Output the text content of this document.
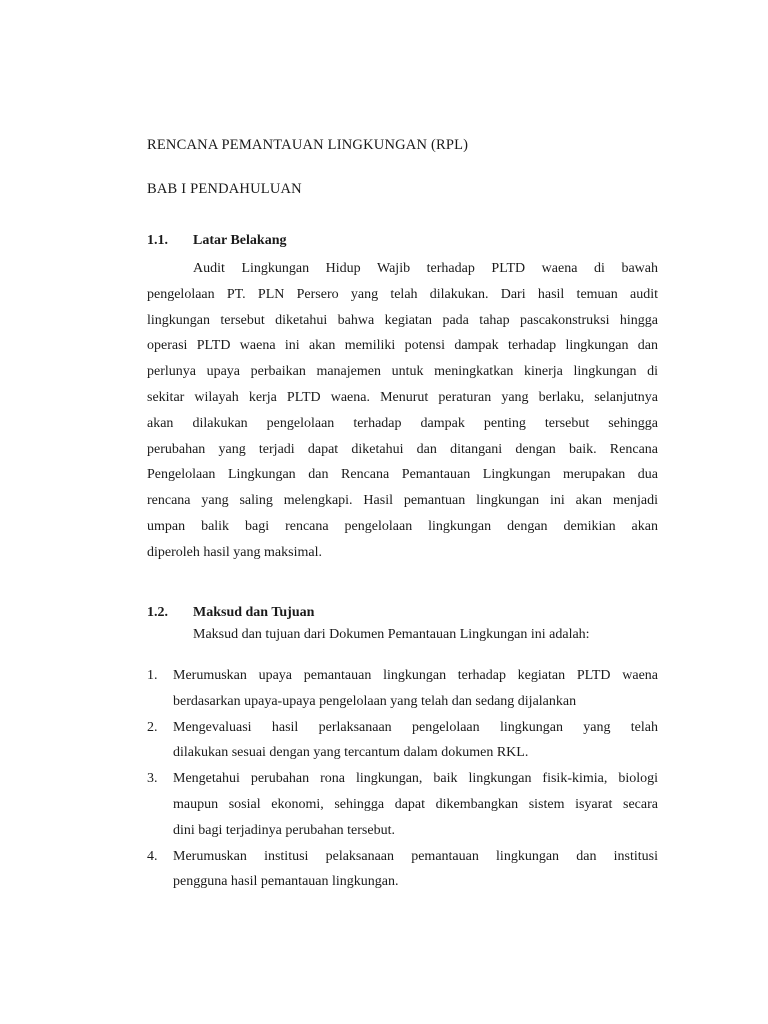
RENCANA PEMANTAUAN LINGKUNGAN (RPL)
BAB I PENDAHULUAN
1.1. Latar Belakang
Audit Lingkungan Hidup Wajib terhadap PLTD waena di bawah
pengelolaan PT. PLN Persero yang telah dilakukan. Dari hasil temuan audit
lingkungan tersebut diketahui bahwa kegiatan pada tahap pascakonstruksi hingga
operasi PLTD waena ini akan memiliki potensi dampak terhadap lingkungan dan
perlunya upaya perbaikan manajemen untuk meningkatkan kinerja lingkungan di
sekitar wilayah kerja PLTD waena. Menurut peraturan yang berlaku, selanjutnya
akan dilakukan pengelolaan terhadap dampak penting tersebut sehingga
perubahan yang terjadi dapat diketahui dan ditangani dengan baik. Rencana
Pengelolaan Lingkungan dan Rencana Pemantauan Lingkungan merupakan dua
rencana yang saling melengkapi. Hasil pemantuan lingkungan ini akan menjadi
umpan balik bagi rencana pengelolaan lingkungan dengan demikian akan
diperoleh hasil yang maksimal.
1.2. Maksud dan Tujuan
Maksud dan tujuan dari Dokumen Pemantauan Lingkungan ini adalah:
1. Merumuskan upaya pemantauan lingkungan terhadap kegiatan PLTD waena
berdasarkan upaya-upaya pengelolaan yang telah dan sedang dijalankan
2. Mengevaluasi hasil perlaksanaan pengelolaan lingkungan yang telah
dilakukan sesuai dengan yang tercantum dalam dokumen RKL.
3. Mengetahui perubahan rona lingkungan, baik lingkungan fisik-kimia, biologi
maupun sosial ekonomi, sehingga dapat dikembangkan sistem isyarat secara
dini bagi terjadinya perubahan tersebut.
4. Merumuskan institusi pelaksanaan pemantauan lingkungan dan institusi
pengguna hasil pemantauan lingkungan.
